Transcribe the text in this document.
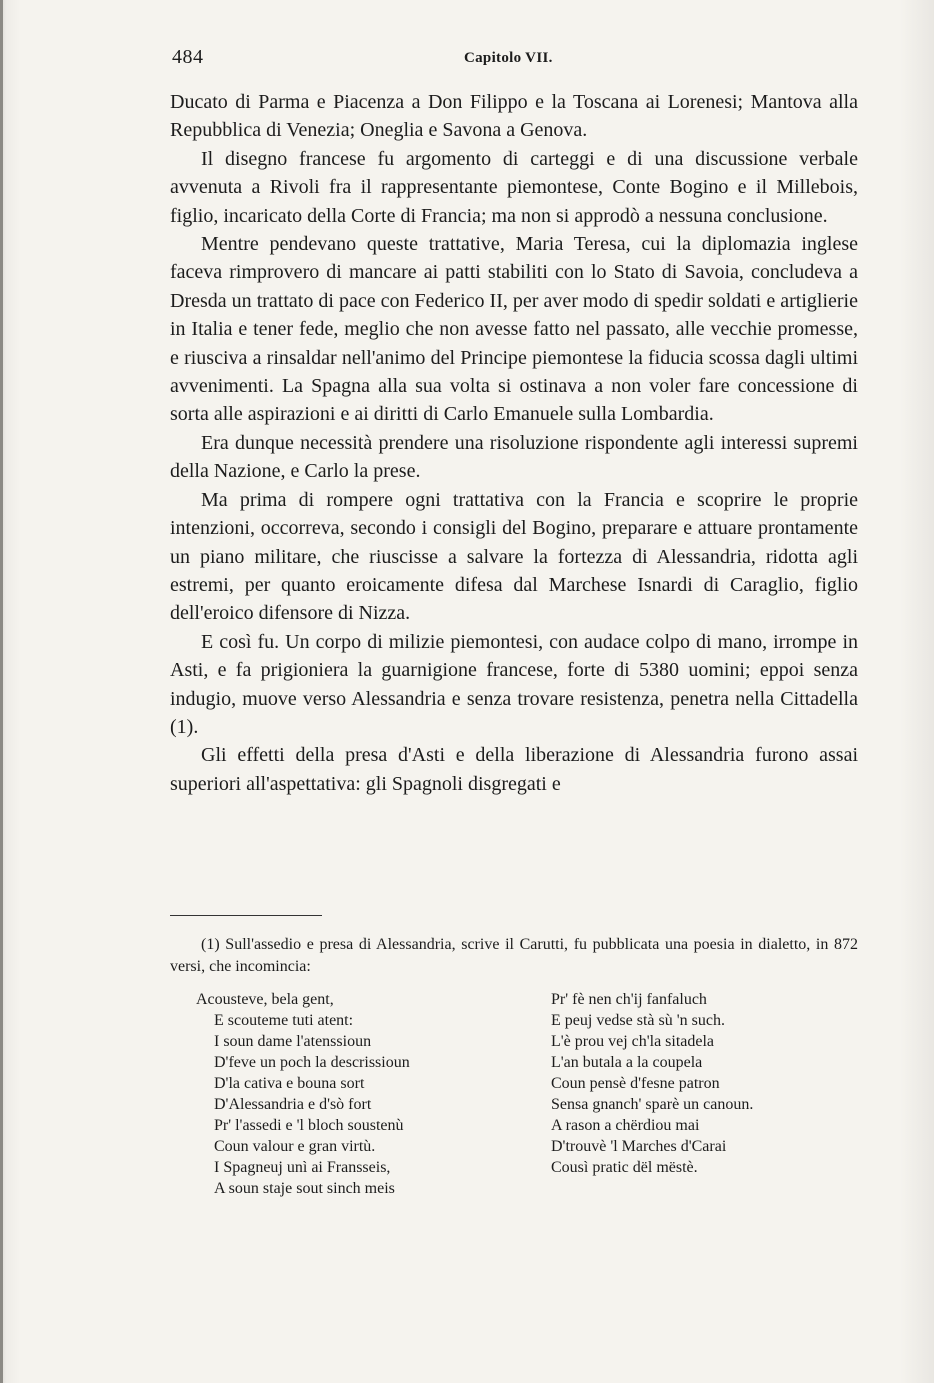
484	Capitolo VII.

Ducato di Parma e Piacenza a Don Filippo e la Toscana ai Lorenesi; Mantova alla Repubblica di Venezia; Oneglia e Savona a Genova.

Il disegno francese fu argomento di carteggi e di una discussione verbale avvenuta a Rivoli fra il rappresentante piemontese, Conte Bogino e il Millebois, figlio, incaricato della Corte di Francia; ma non si approdò a nessuna conclusione.

Mentre pendevano queste trattative, Maria Teresa, cui la diplomazia inglese faceva rimprovero di mancare ai patti stabiliti con lo Stato di Savoia, concludeva a Dresda un trattato di pace con Federico II, per aver modo di spedir soldati e artiglierie in Italia e tener fede, meglio che non avesse fatto nel passato, alle vecchie promesse, e riusciva a rinsaldar nell'animo del Principe piemontese la fiducia scossa dagli ultimi avvenimenti. La Spagna alla sua volta si ostinava a non voler fare concessione di sorta alle aspirazioni e ai diritti di Carlo Emanuele sulla Lombardia.

Era dunque necessità prendere una risoluzione rispondente agli interessi supremi della Nazione, e Carlo la prese.

Ma prima di rompere ogni trattativa con la Francia e scoprire le proprie intenzioni, occorreva, secondo i consigli del Bogino, preparare e attuare prontamente un piano militare, che riuscisse a salvare la fortezza di Alessandria, ridotta agli estremi, per quanto eroicamente difesa dal Marchese Isnardi di Caraglio, figlio dell'eroico difensore di Nizza.

E così fu. Un corpo di milizie piemontesi, con audace colpo di mano, irrompe in Asti, e fa prigioniera la guarnigione francese, forte di 5380 uomini; eppoi senza indugio, muove verso Alessandria e senza trovare resistenza, penetra nella Cittadella (1).

Gli effetti della presa d'Asti e della liberazione di Alessandria furono assai superiori all'aspettativa: gli Spagnoli disgregati e

(1) Sull'assedio e presa di Alessandria, scrive il Carutti, fu pubblicata una poesia in dialetto, in 872 versi, che incomincia:
Acousteve, bela gent,
E scouteme tuti atent:
I soun dame l'atenssioun
D'feve un poch la descrissioun
D'la cativa e bouna sort
D'Alessandria e d'sò fort
Pr' l'assedi e 'l bloch soustenù
Coun valour e gran virtù.
I Spagneuj unì ai Fransseis,
A soun staje sout sinch meis
Pr' fè nen ch'ij fanfaluch
E peuj vedse stà sù 'n such.
L'è prou vej ch'la sitadela
L'an butala a la coupela
Coun pensè d'fesne patron
Sensa gnanch' sparè un canoun.
A rason a chërdiou mai
D'trouvè 'l Marches d'Carai
Cousì pratic dël mëstè.
